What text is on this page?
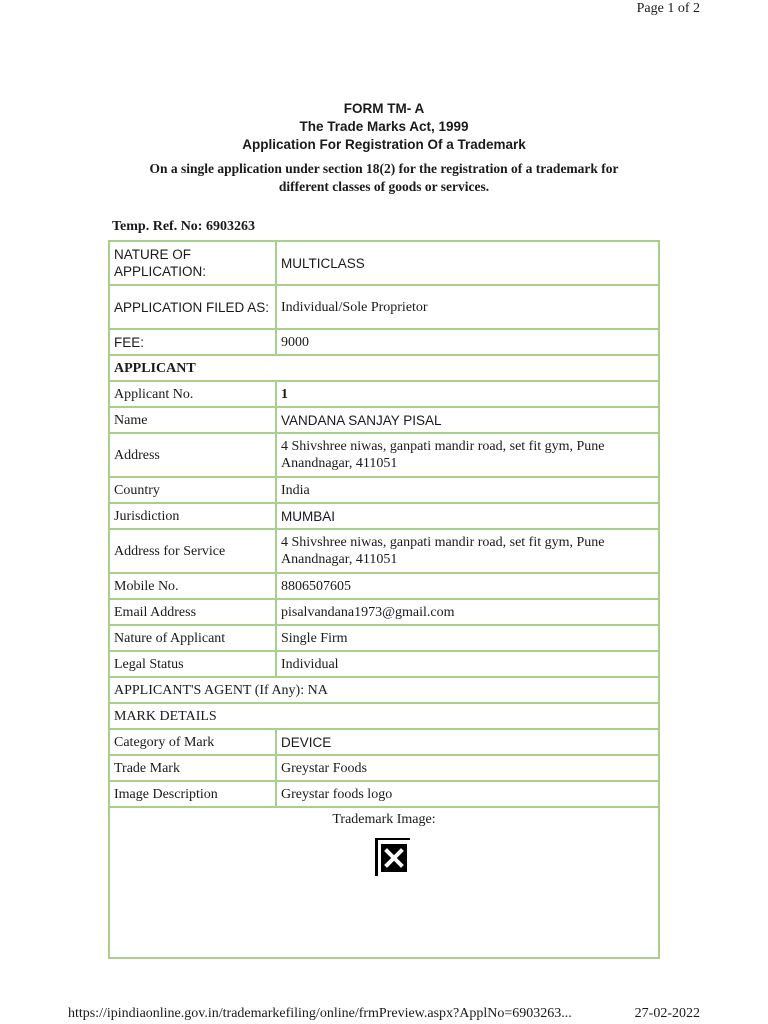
Page 1 of 2
FORM TM- A
The Trade Marks Act, 1999
Application For Registration Of a Trademark
On a single application under section 18(2) for the registration of a trademark for
different classes of goods or services.
Temp. Ref. No: 6903263
NATURE OF APPLICATION:	MULTICLASS
APPLICATION FILED AS:	Individual/Sole Proprietor
FEE:	9000
APPLICANT	
Applicant No.	1
Name	VANDANA SANJAY PISAL
Address	4 Shivshree niwas, ganpati mandir road, set fit gym, Pune
Anandnagar, 411051

Country	India
Jurisdiction	MUMBAI
Address for Service	4 Shivshree niwas, ganpati mandir road, set fit gym, Pune
Anandnagar, 411051

Mobile No.	8806507605
Email Address	pisalvandana1973@gmail.com
Nature of Applicant	Single Firm
Legal Status	Individual
APPLICANT'S AGENT (If Any): NA	
MARK DETAILS	
Category of Mark	DEVICE
Trade Mark	Greystar Foods
Image Description	Greystar foods logo

Trademark Image:	
https://ipindiaonline.gov.in/trademarkefiling/online/frmPreview.aspx?ApplNo=6903263...	27-02-2022
